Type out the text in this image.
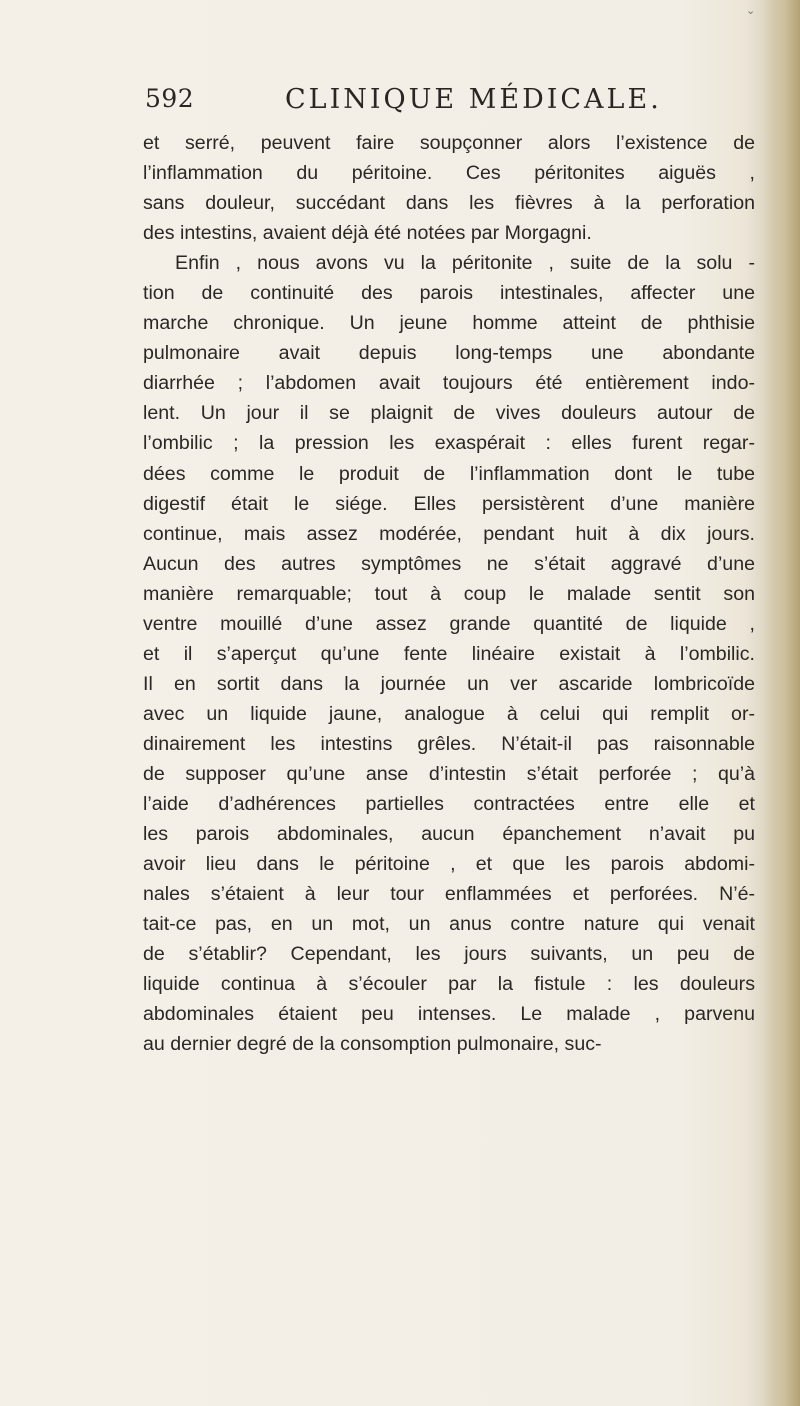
⌄
592	CLINIQUE MÉDICALE.
et serré, peuvent faire soupçonner alors l’existence de
l’inflammation du péritoine. Ces péritonites aiguës ,
sans douleur, succédant dans les fièvres à la perforation
des intestins, avaient déjà été notées par Morgagni.
Enfin , nous avons vu la péritonite , suite de la solu -
tion de continuité des parois intestinales, affecter une
marche chronique. Un jeune homme atteint de phthisie
pulmonaire avait depuis long-temps une abondante
diarrhée ; l’abdomen avait toujours été entièrement indo-
lent. Un jour il se plaignit de vives douleurs autour de
l’ombilic ; la pression les exaspérait : elles furent regar-
dées comme le produit de l’inflammation dont le tube
digestif était le siége. Elles persistèrent d’une manière
continue, mais assez modérée, pendant huit à dix jours.
Aucun des autres symptômes ne s’était aggravé d’une
manière remarquable; tout à coup le malade sentit son
ventre mouillé d’une assez grande quantité de liquide ,
et il s’aperçut qu’une fente linéaire existait à l’ombilic.
Il en sortit dans la journée un ver ascaride lombricoïde
avec un liquide jaune, analogue à celui qui remplit or-
dinairement les intestins grêles. N’était-il pas raisonnable
de supposer qu’une anse d’intestin s’était perforée ; qu’à
l’aide d’adhérences partielles contractées entre elle et
les parois abdominales, aucun épanchement n’avait pu
avoir lieu dans le péritoine , et que les parois abdomi-
nales s’étaient à leur tour enflammées et perforées. N’é-
tait-ce pas, en un mot, un anus contre nature qui venait
de s’établir? Cependant, les jours suivants, un peu de
liquide continua à s’écouler par la fistule : les douleurs
abdominales étaient peu intenses. Le malade , parvenu
au dernier degré de la consomption pulmonaire, suc-
